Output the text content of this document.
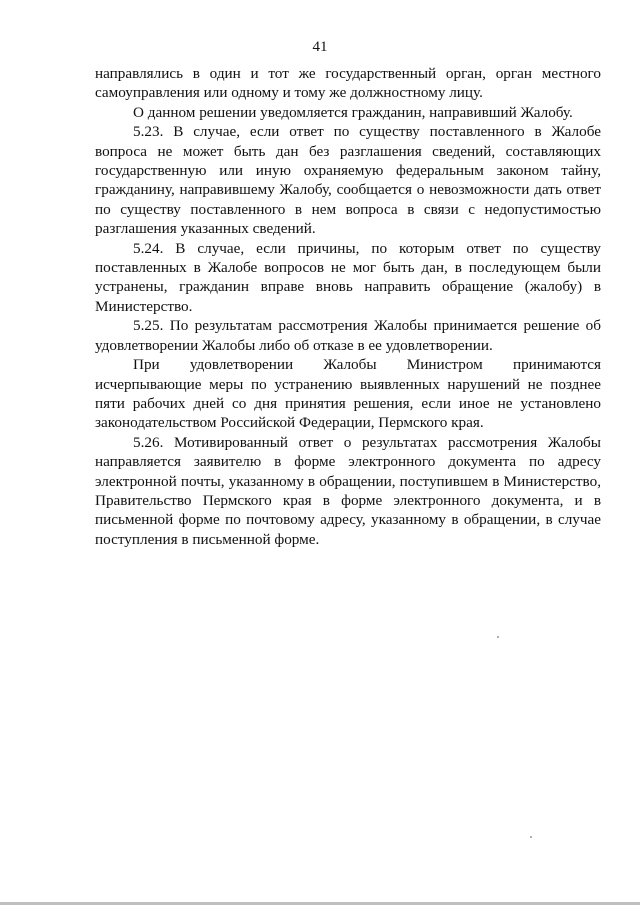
41

направлялись в один и тот же государственный орган, орган местного самоуправления или одному и тому же должностному лицу.

О данном решении уведомляется гражданин, направивший Жалобу.

5.23. В случае, если ответ по существу поставленного в Жалобе вопроса не может быть дан без разглашения сведений, составляющих государственную или иную охраняемую федеральным законом тайну, гражданину, направившему Жалобу, сообщается о невозможности дать ответ по существу поставленного в нем вопроса в связи с недопустимостью разглашения указанных сведений.

5.24. В случае, если причины, по которым ответ по существу поставленных в Жалобе вопросов не мог быть дан, в последующем были устранены, гражданин вправе вновь направить обращение (жалобу) в Министерство.

5.25. По результатам рассмотрения Жалобы принимается решение об удовлетворении Жалобы либо об отказе в ее удовлетворении.

При удовлетворении Жалобы Министром принимаются

исчерпывающие меры по устранению выявленных нарушений не позднее пяти рабочих дней со дня принятия решения, если иное не установлено законодательством Российской Федерации, Пермского края.

5.26. Мотивированный ответ о результатах рассмотрения Жалобы направляется заявителю в форме электронного документа по адресу электронной почты, указанному в обращении, поступившем в Министерство, Правительство Пермского края в форме электронного документа, и в письменной форме по почтовому адресу, указанному в обращении, в случае поступления в письменной форме.
